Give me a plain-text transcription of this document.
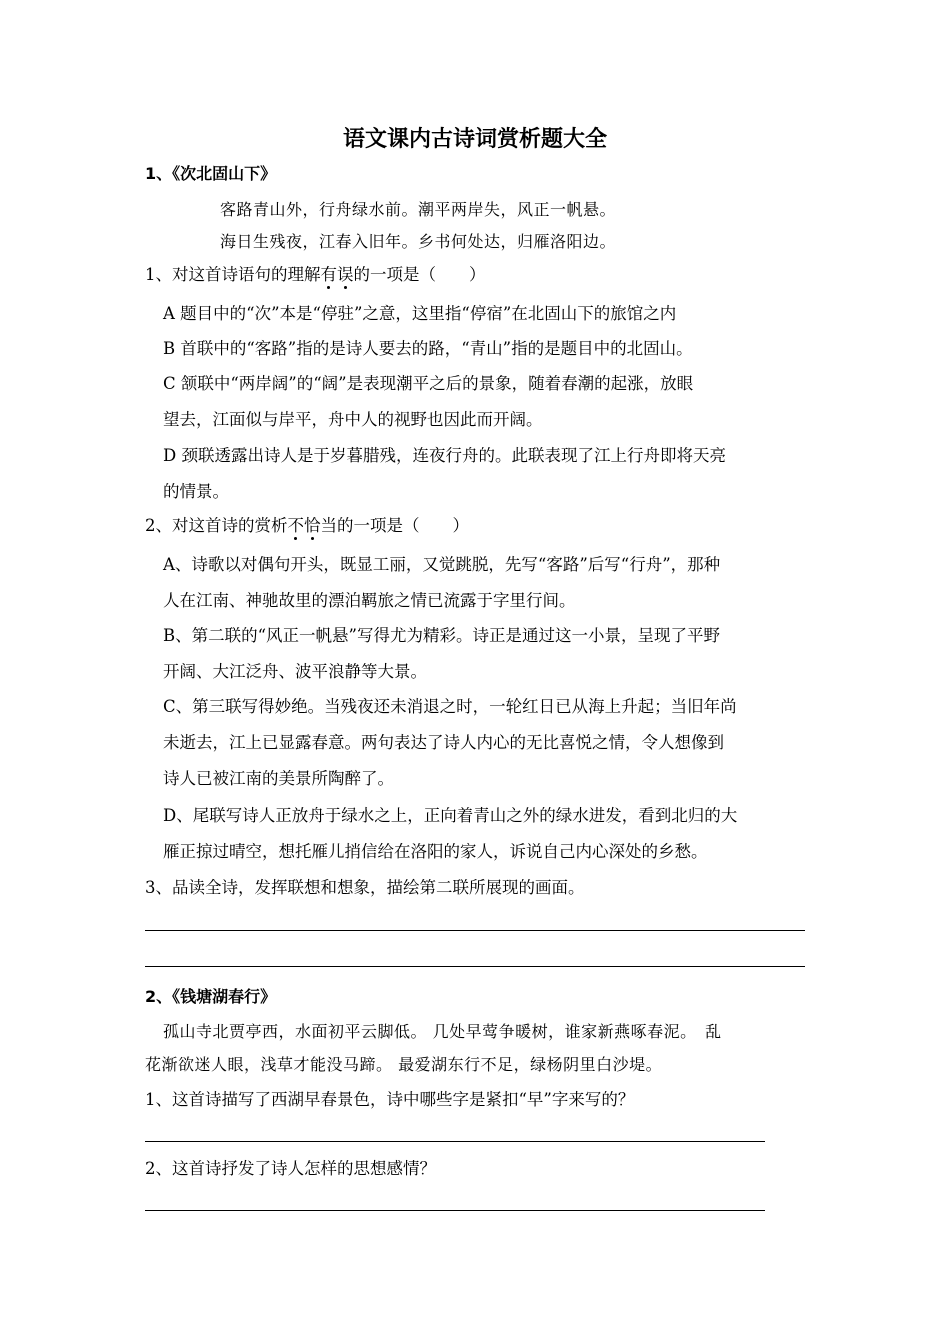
语文课内古诗词赏析题大全
1、《次北固山下》
客路青山外，行舟绿水前。潮平两岸失，风正一帆悬。
海日生残夜，江春入旧年。乡书何处达，归雁洛阳边。
1、对这首诗语句的理解有误的一项是（　　）
A 题目中的“次”本是“停驻”之意，这里指“停宿”在北固山下的旅馆之内
B 首联中的“客路”指的是诗人要去的路，“青山”指的是题目中的北固山。
C 颔联中“两岸阔”的“阔”是表现潮平之后的景象，随着春潮的起涨，放眼
望去，江面似与岸平，舟中人的视野也因此而开阔。
D 颈联透露出诗人是于岁暮腊残，连夜行舟的。此联表现了江上行舟即将天亮
的情景。
2、对这首诗的赏析不恰当的一项是（　　）
A、诗歌以对偶句开头，既显工丽，又觉跳脱，先写“客路”后写“行舟”，那种
人在江南、神驰故里的漂泊羁旅之情已流露于字里行间。
B、第二联的“风正一帆悬”写得尤为精彩。诗正是通过这一小景，呈现了平野
开阔、大江泛舟、波平浪静等大景。
C、第三联写得妙绝。当残夜还未消退之时，一轮红日已从海上升起；当旧年尚
未逝去，江上已显露春意。两句表达了诗人内心的无比喜悦之情，令人想像到
诗人已被江南的美景所陶醉了。
D、尾联写诗人正放舟于绿水之上，正向着青山之外的绿水进发，看到北归的大
雁正掠过晴空，想托雁儿捎信给在洛阳的家人，诉说自己内心深处的乡愁。
3、品读全诗，发挥联想和想象，描绘第二联所展现的画面。
2、《钱塘湖春行》
孤山寺北贾亭西，水面初平云脚低。 几处早莺争暖树，谁家新燕啄春泥。　乱
花渐欲迷人眼，浅草才能没马蹄。 最爱湖东行不足，绿杨阴里白沙堤。
1、这首诗描写了西湖早春景色，诗中哪些字是紧扣“早”字来写的？
2、这首诗抒发了诗人怎样的思想感情？
